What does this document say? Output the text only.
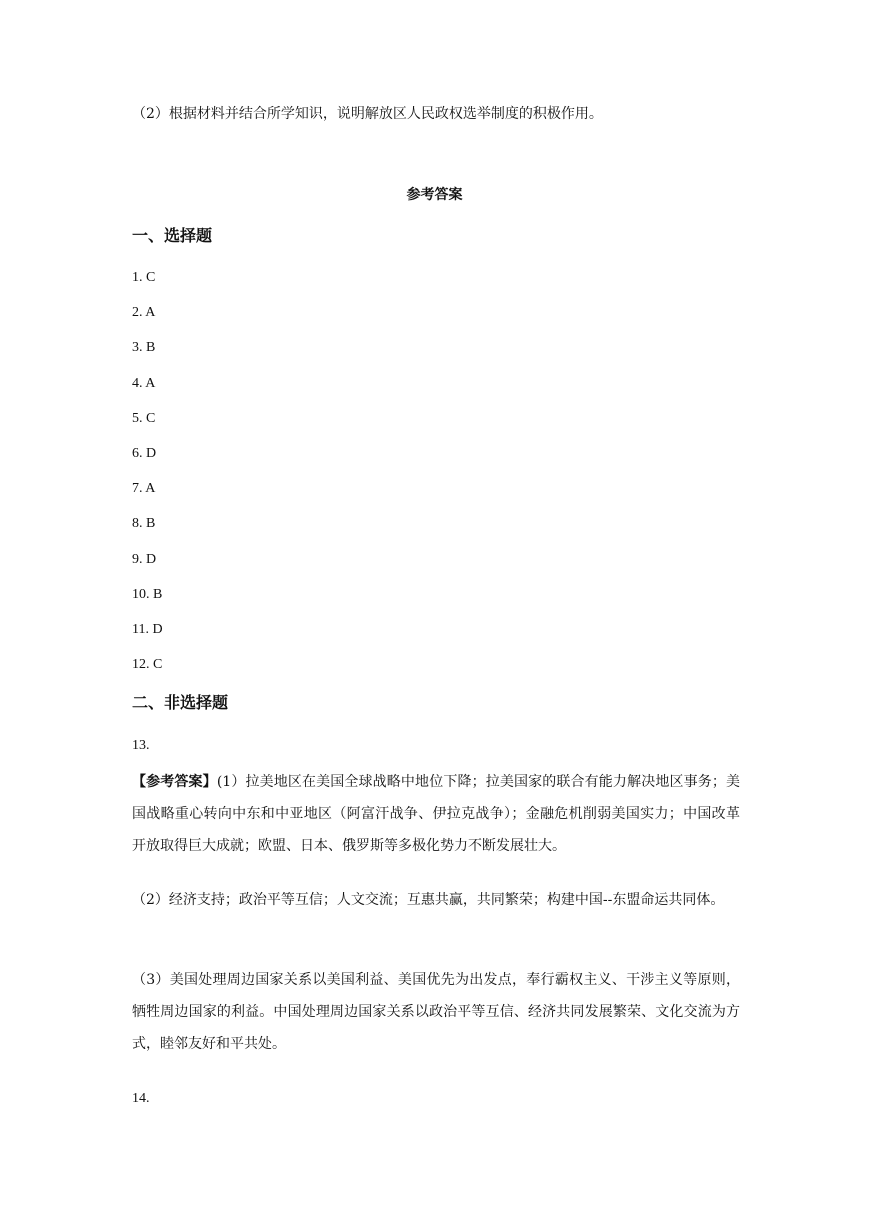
（2）根据材料并结合所学知识，说明解放区人民政权选举制度的积极作用。
参考答案
一、选择题
1. C
2. A
3. B
4. A
5. C
6. D
7. A
8. B
9. D
10. B
11. D
12. C
二、非选择题
13.
【参考答案】(1）拉美地区在美国全球战略中地位下降；拉美国家的联合有能力解决地区事务；美国战略重心转向中东和中亚地区（阿富汗战争、伊拉克战争）；金融危机削弱美国实力；中国改革开放取得巨大成就；欧盟、日本、俄罗斯等多极化势力不断发展壮大。
（2）经济支持；政治平等互信；人文交流；互惠共赢，共同繁荣；构建中国--东盟命运共同体。
（3）美国处理周边国家关系以美国利益、美国优先为出发点，奉行霸权主义、干涉主义等原则，牺牲周边国家的利益。中国处理周边国家关系以政治平等互信、经济共同发展繁荣、文化交流为方式，睦邻友好和平共处。
14.
